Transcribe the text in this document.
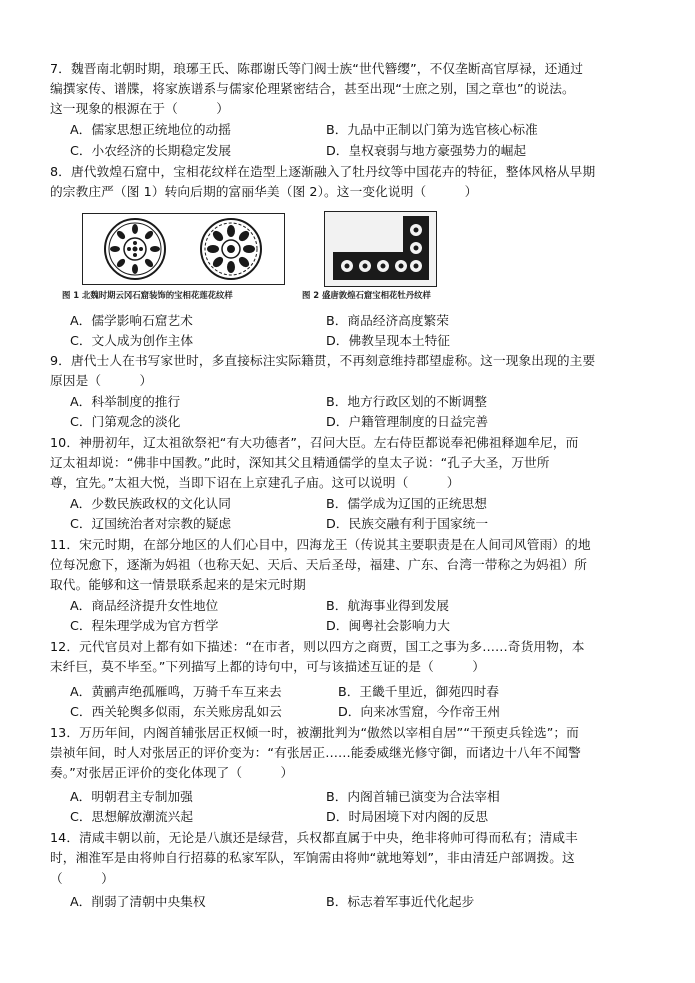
7．魏晋南北朝时期，琅琊王氏、陈郡谢氏等门阀士族“世代簪缨”，不仅垄断高官厚禄，还通过
编撰家传、谱牒，将家族谱系与儒家伦理紧密结合，甚至出现“士庶之别，国之章也”的说法。
这一现象的根源在于（　　　）
A．儒家思想正统地位的动摇	B．九品中正制以门第为选官核心标准
C．小农经济的长期稳定发展	D．皇权衰弱与地方豪强势力的崛起
8．唐代敦煌石窟中，宝相花纹样在造型上逐渐融入了牡丹纹等中国花卉的特征，整体风格从早期
的宗教庄严（图 1）转向后期的富丽华美（图 2）。这一变化说明（　　　）
图 1 北魏时期云冈石窟装饰的宝相花莲花纹样	图 2 盛唐敦煌石窟宝相花牡丹纹样
A．儒学影响石窟艺术	B．商品经济高度繁荣
C．文人成为创作主体	D．佛教呈现本土特征
9．唐代士人在书写家世时，多直接标注实际籍贯，不再刻意维持郡望虚称。这一现象出现的主要
原因是（　　　）
A．科举制度的推行	B．地方行政区划的不断调整
C．门第观念的淡化	D．户籍管理制度的日益完善
10．神册初年，辽太祖欲祭祀“有大功德者”，召问大臣。左右侍臣都说奉祀佛祖释迦牟尼，而
辽太祖却说：“佛非中国教。”此时，深知其父且精通儒学的皇太子说：“孔子大圣，万世所
尊，宜先。”太祖大悦，当即下诏在上京建孔子庙。这可以说明（　　　）
A．少数民族政权的文化认同	B．儒学成为辽国的正统思想
C．辽国统治者对宗教的疑虑	D．民族交融有利于国家统一
11．宋元时期，在部分地区的人们心目中，四海龙王（传说其主要职责是在人间司风管雨）的地
位每况愈下，逐渐为妈祖（也称天妃、天后、天后圣母，福建、广东、台湾一带称之为妈祖）所
取代。能够和这一情景联系起来的是宋元时期
A．商品经济提升女性地位	B．航海事业得到发展
C．程朱理学成为官方哲学	D．闽粤社会影响力大
12．元代官员对上都有如下描述：“在市者，则以四方之商贾，国工之事为多……奇货用物，本
末纤巨，莫不毕至。”下列描写上都的诗句中，可与该描述互证的是（　　　）
A．黄鹂声绝孤雁鸣，万骑千车互来去	B．王畿千里近，御苑四时春
C．西关轮舆多似雨，东关账房乱如云	D．向来冰雪窟，今作帝王州
13．万历年间，内阁首辅张居正权倾一时，被潮批判为“傲然以宰相自居”“干预吏兵铨选”；而
崇祯年间，时人对张居正的评价变为：“有张居正……能委威继光修守御，而诸边十八年不闻警
奏。”对张居正评价的变化体现了（　　　）
A．明朝君主专制加强	B．内阁首辅已演变为合法宰相
C．思想解放潮流兴起	D．时局困境下对内阁的反思
14．清咸丰朝以前，无论是八旗还是绿营，兵权都直属于中央，绝非将帅可得而私有；清咸丰
时，湘淮军是由将帅自行招募的私家军队，军饷需由将帅“就地筹划”，非由清廷户部调拨。这
（　　　）
A．削弱了清朝中央集权	B．标志着军事近代化起步
